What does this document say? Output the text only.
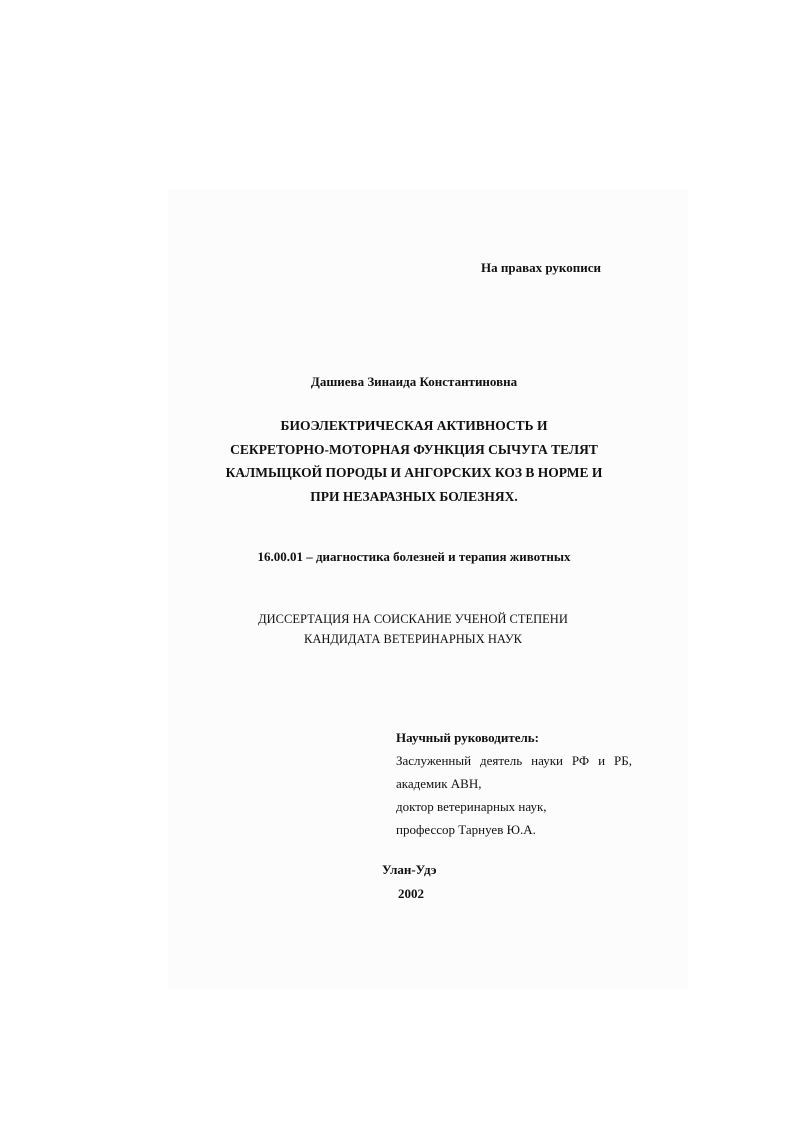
На правах рукописи
Дашиева Зинаида Константиновна
БИОЭЛЕКТРИЧЕСКАЯ АКТИВНОСТЬ И
СЕКРЕТОРНО-МОТОРНАЯ ФУНКЦИЯ СЫЧУГА ТЕЛЯТ
КАЛМЫЦКОЙ ПОРОДЫ И АНГОРСКИХ КОЗ В НОРМЕ И
ПРИ НЕЗАРАЗНЫХ БОЛЕЗНЯХ.
16.00.01 – диагностика болезней и терапия животных
ДИССЕРТАЦИЯ НА СОИСКАНИЕ УЧЕНОЙ СТЕПЕНИ
КАНДИДАТА ВЕТЕРИНАРНЫХ НАУК
Научный руководитель:
Заслуженный деятель науки РФ и РБ,
академик АВН,
доктор ветеринарных наук,
профессор Тарнуев Ю.А.
Улан-Удэ
2002
